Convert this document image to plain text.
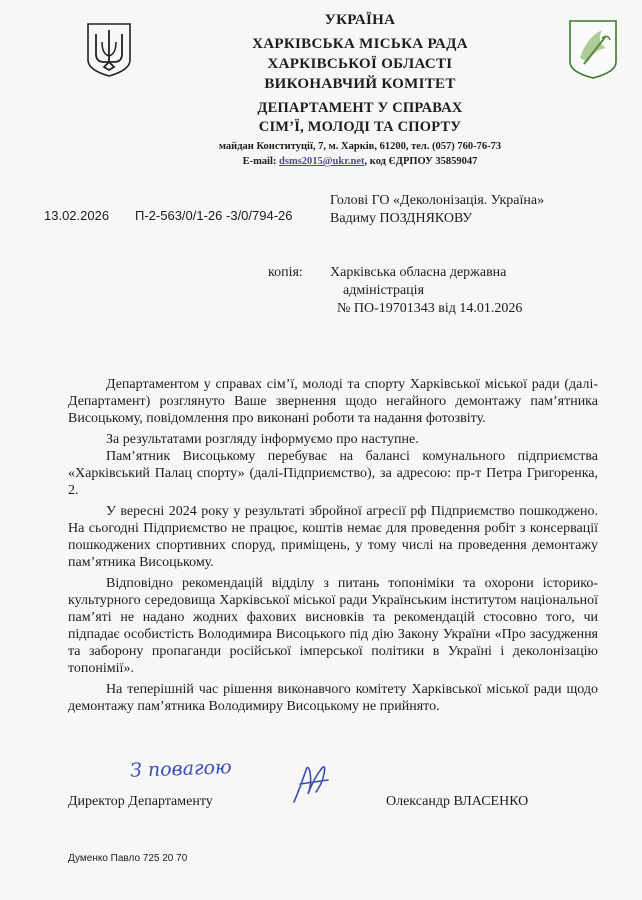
УКРАЇНА
ХАРКІВСЬКА МІСЬКА РАДА
ХАРКІВСЬКОЇ ОБЛАСТІ
ВИКОНАВЧИЙ КОМІТЕТ
ДЕПАРТАМЕНТ У СПРАВАХ
СІМ’Ї, МОЛОДІ ТА СПОРТУ
майдан Конституції, 7, м. Харків, 61200, тел. (057) 760-76-73
E-mail: dsms2015@ukr.net, код ЄДРПОУ 35859047
13.02.2026 П-2-563/0/1-26 -3/0/794-26
Голові ГО «Деколонізація. Україна»
Вадиму ПОЗДНЯКОВУ
копія: Харківська обласна державна
адміністрація
№ ПО-19701343 від 14.01.2026

Департаментом у справах сім’ї, молоді та спорту Харківської міської ради (далі-Департамент) розглянуто Ваше звернення щодо негайного демонтажу пам’ятника Висоцькому, повідомлення про виконані роботи та надання фотозвіту.

За результатами розгляду інформуємо про наступне.

Пам’ятник Висоцькому перебуває на балансі комунального підприємства «Харківський Палац спорту» (далі-Підприємство), за адресою: пр-т Петра Григоренка, 2.

У вересні 2024 року у результаті збройної агресії рф Підприємство пошкоджено. На сьогодні Підприємство не працює, коштів немає для проведення робіт з консервації пошкоджених спортивних споруд, приміщень, у тому числі на проведення демонтажу пам’ятника Висоцькому.

Відповідно рекомендацій відділу з питань топоніміки та охорони історико-культурного середовища Харківської міської ради Українським інститутом національної пам’яті не надано жодних фахових висновків та рекомендацій стосовно того, чи підпадає особистість Володимира Висоцького під дію Закону України «Про засудження та заборону пропаганди російської імперської політики в Україні і деколонізацію топонімії».

На теперішній час рішення виконавчого комітету Харківської міської ради щодо демонтажу пам’ятника Володимиру Висоцькому не прийнято.

З повагою
Директор Департаменту	Олександр ВЛАСЕНКО
Думенко Павло 725 20 70
